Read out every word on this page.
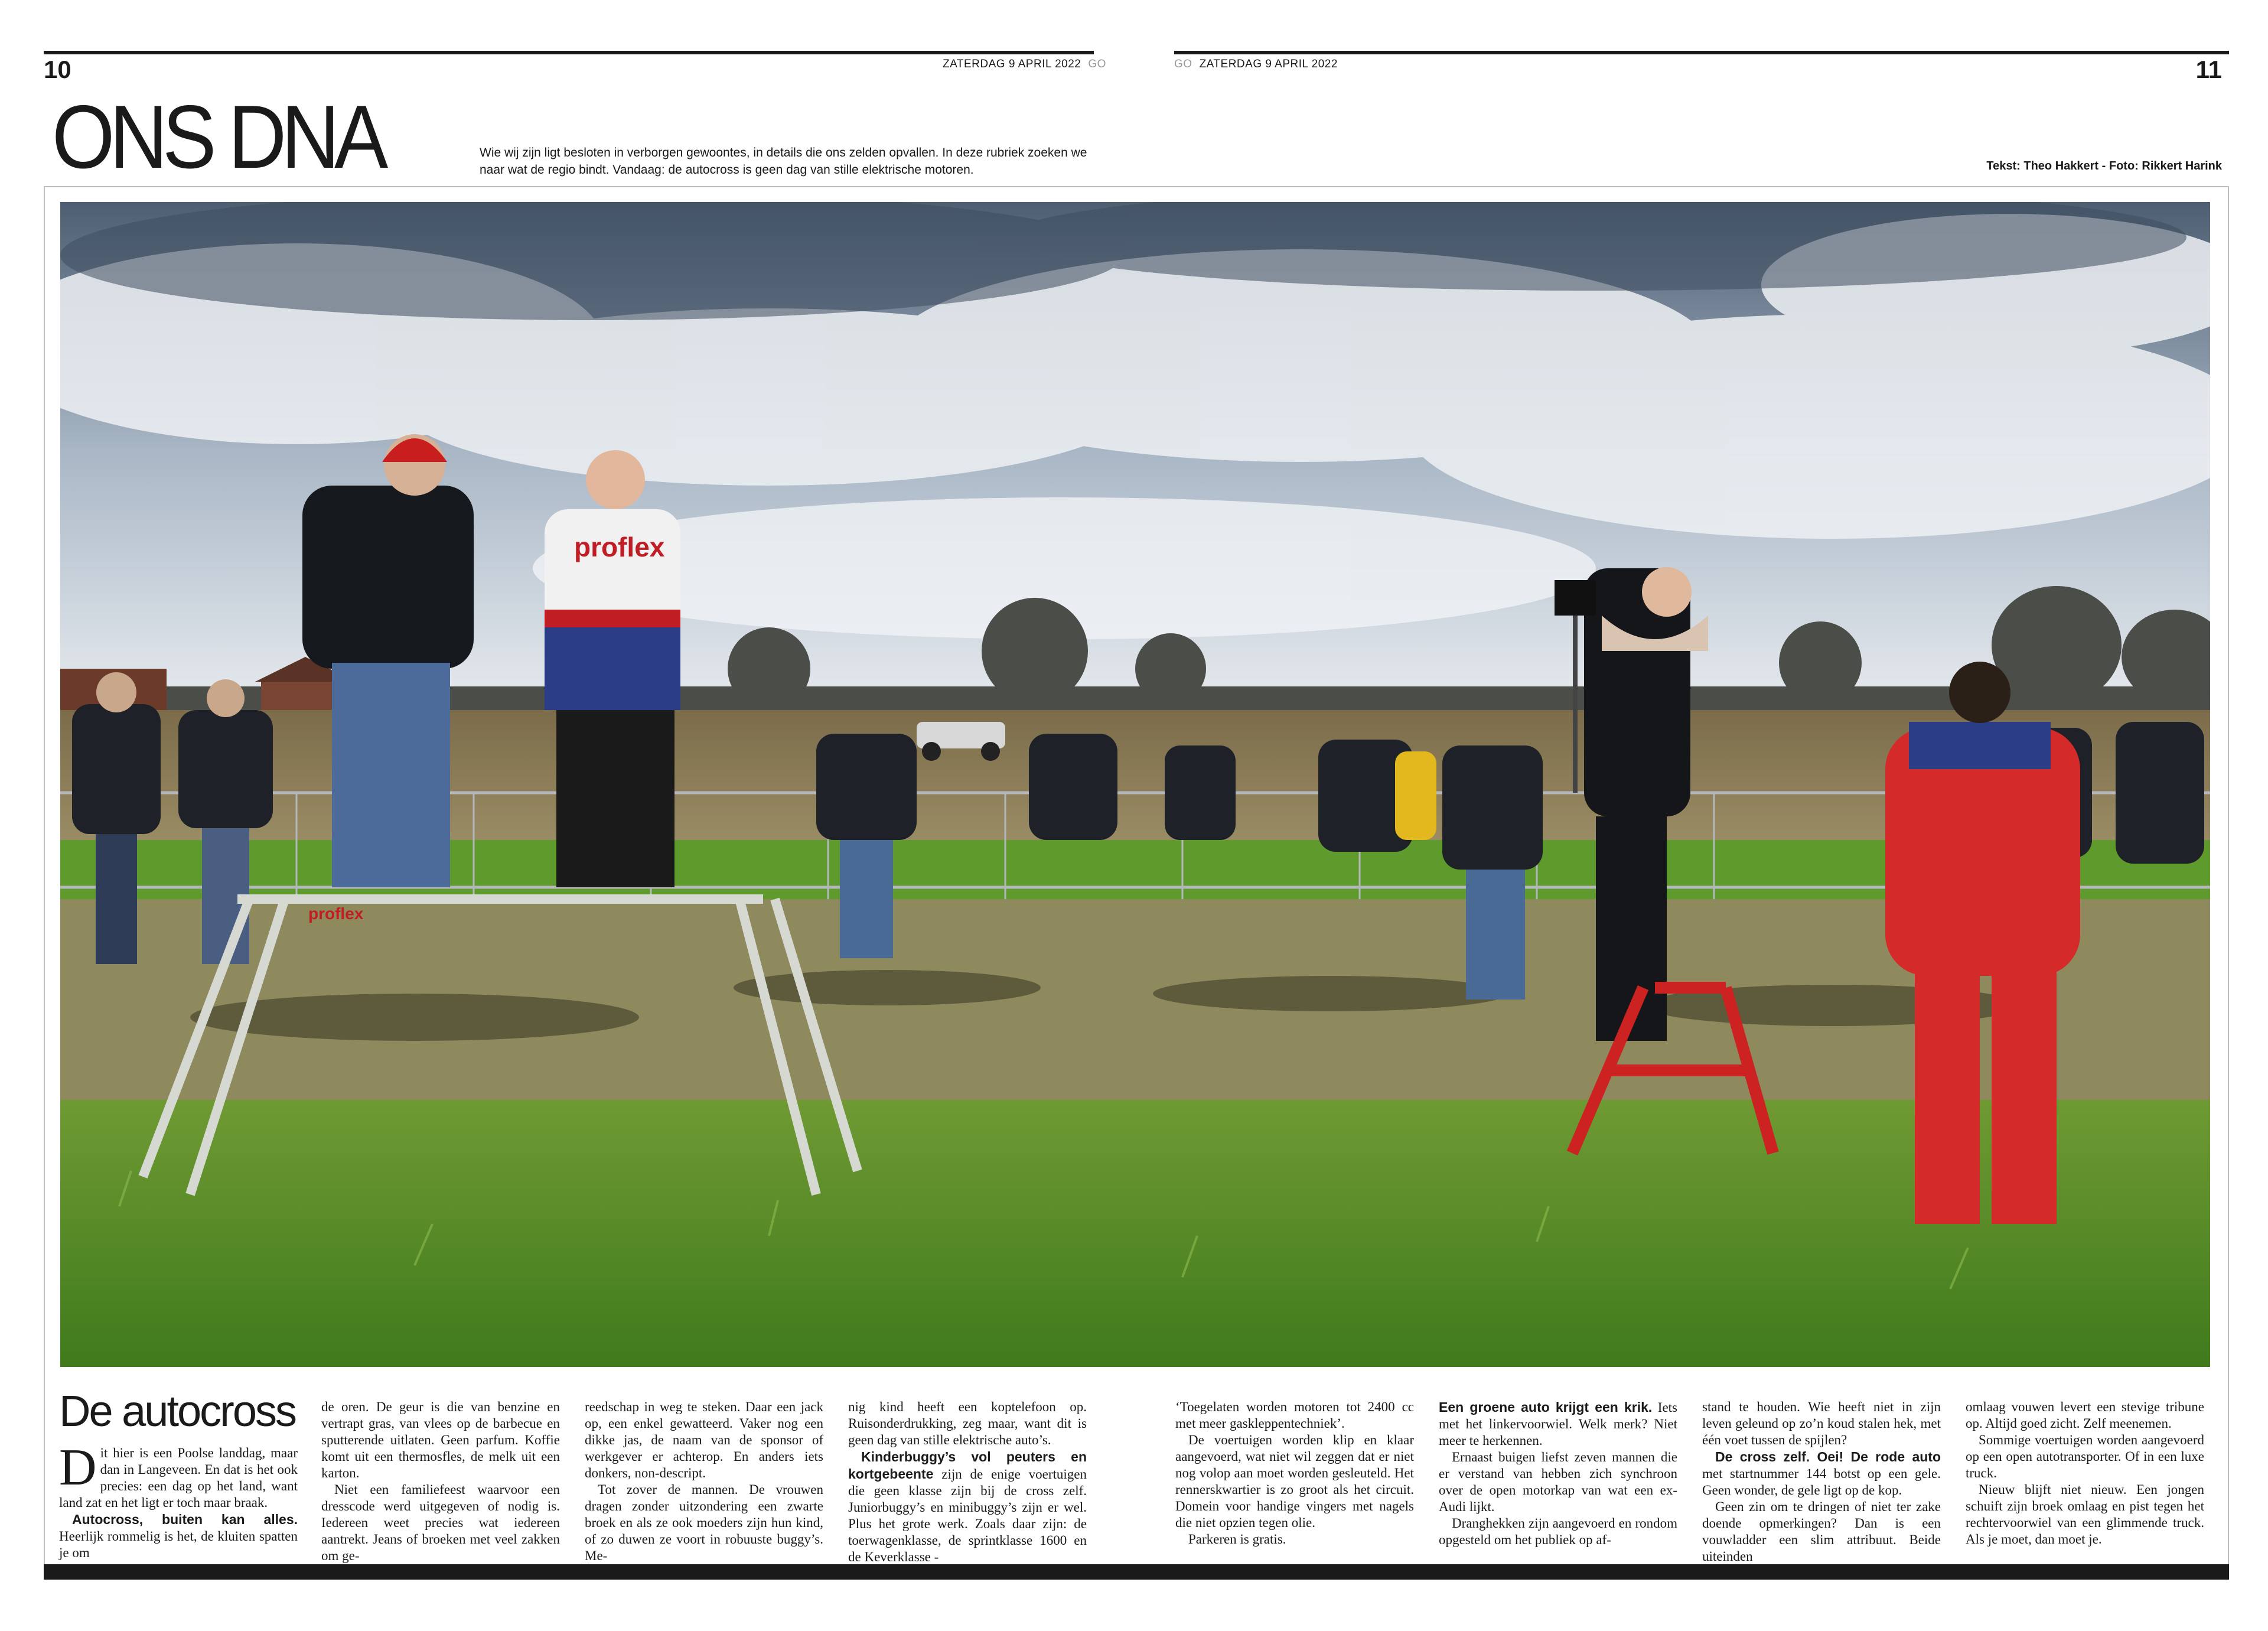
10	ZATERDAG 9 APRIL 2022 GO	GO ZATERDAG 9 APRIL 2022	11
ONS DNA	Wie wij zijn ligt besloten in verborgen gewoontes, in details die ons zelden opvallen. In deze rubriek zoeken we naar wat de regio bindt. Vandaag: de autocross is geen dag van stille elektrische motoren.	Tekst: Theo Hakkert - Foto: Rikkert Harink
proflex
proflex
De autocross

Dit hier is een Poolse landdag, maar dan in Langeveen. En dat is het ook precies: een dag op het land, want land zat en het ligt er toch maar braak.

Autocross, buiten kan alles. Heerlijk rommelig is het, de kluiten spatten je om

de oren. De geur is die van benzine en vertrapt gras, van vlees op de barbecue en sputterende uitlaten. Geen parfum. Koffie komt uit een thermosfles, de melk uit een karton.

Niet een familiefeest waarvoor een dresscode werd uitgegeven of nodig is. Iedereen weet precies wat iedereen aantrekt. Jeans of broeken met veel zakken om ge-

reedschap in weg te steken. Daar een jack op, een enkel gewatteerd. Vaker nog een dikke jas, de naam van de sponsor of werkgever er achterop. En anders iets donkers, non-descript.

Tot zover de mannen. De vrouwen dragen zonder uitzondering een zwarte broek en als ze ook moeders zijn hun kind, of zo duwen ze voort in robuuste buggy’s. Me-

nig kind heeft een koptelefoon op. Ruisonderdrukking, zeg maar, want dit is geen dag van stille elektrische auto’s.

Kinderbuggy’s vol peuters en kortgebeente zijn de enige voertuigen die geen klasse zijn bij de cross zelf. Juniorbuggy’s en minibuggy’s zijn er wel. Plus het grote werk. Zoals daar zijn: de toerwagenklasse, de sprintklasse 1600 en de Keverklasse -

‘Toegelaten worden motoren tot 2400 cc met meer gaskleppentechniek’.

De voertuigen worden klip en klaar aangevoerd, wat niet wil zeggen dat er niet nog volop aan moet worden gesleuteld. Het rennerskwartier is zo groot als het circuit. Domein voor handige vingers met nagels die niet opzien tegen olie.

Parkeren is gratis.

Een groene auto krijgt een krik. Iets met het linkervoorwiel. Welk merk? Niet meer te herkennen.

Ernaast buigen liefst zeven mannen die er verstand van hebben zich synchroon over de open motorkap van wat een ex-Audi lijkt.

Dranghekken zijn aangevoerd en rondom opgesteld om het publiek op af-

stand te houden. Wie heeft niet in zijn leven geleund op zo’n koud stalen hek, met één voet tussen de spijlen?

De cross zelf. Oei! De rode auto met startnummer 144 botst op een gele. Geen wonder, de gele ligt op de kop.

Geen zin om te dringen of niet ter zake doende opmerkingen? Dan is een vouwladder een slim attribuut. Beide uiteinden

omlaag vouwen levert een stevige tribune op. Altijd goed zicht. Zelf meenemen.

Sommige voertuigen worden aangevoerd op een open autotransporter. Of in een luxe truck.

Nieuw blijft niet nieuw. Een jongen schuift zijn broek omlaag en pist tegen het rechtervoorwiel van een glimmende truck. Als je moet, dan moet je.
